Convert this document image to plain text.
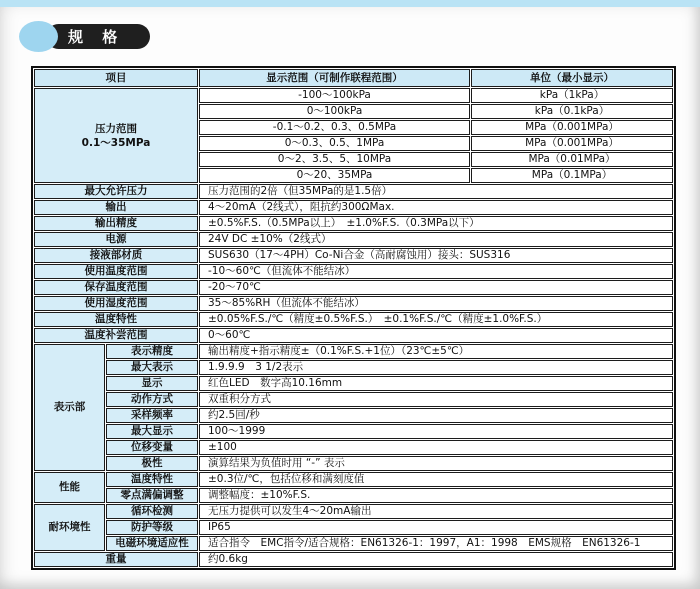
规 格
项目		显示范围（可制作联程范围）	单位（最小显示）

压力范围
0.1～35MPa		-100～100kPa	kPa（1kPa）
		0～100kPa	kPa（0.1kPa）
		-0.1～0.2、0.3、0.5MPa	MPa（0.001MPa）
		0～0.3、0.5、1MPa	MPa（0.001MPa）
		0～2、3.5、5、10MPa	MPa（0.01MPa）
		0～20、35MPa	MPa（0.1MPa）
最大允许压力		压力范围的2倍（但35MPa的是1.5倍）	
输出		4～20mA（2线式），阻抗约300ΩMax.	
输出精度		±0.5%F.S.（0.5MPa以上）　±1.0%F.S.（0.3MPa以下）	
电源		24V DC ±10%（2线式）	
接液部材质		SUS630（17～4PH）Co-Ni合金（高耐腐蚀用）接头：SUS316	
使用温度范围		-10～60℃（但流体不能结冰）	
保存温度范围		-20～70℃	
使用湿度范围		35～85%RH（但流体不能结冰）	
温度特性		±0.05%F.S./℃（精度±0.5%F.S.）　±0.1%F.S./℃（精度±1.0%F.S.）	
温度补尝范围		0～60℃	
表示部	表示精度	输出精度+指示精度±（0.1%F.S.+1位）（23℃±5℃）	
	最大表示	1.9.9.9　3 1/2表示	
	显示	红色LED　数字高10.16mm	
	动作方式	双重积分方式	
	采样频率	约2.5回/秒	
	最大显示	100～1999	
	位移变量	±100	
	极性	演算结果为负值时用 “-” 表示	
性能	温度特性	±0.3位/℃，包括位移和满刻度值	
	零点满偏调整	调整幅度：±10%F.S.	
耐环境性	循环检测	无压力提供可以发生4～20mA输出	
	防护等级	IP65	
	电磁环境适应性	适合指令　EMC指令/适合规格：EN61326-1：1997，A1：1998　EMS规格　EN61326-1	
重量		约0.6kg	
